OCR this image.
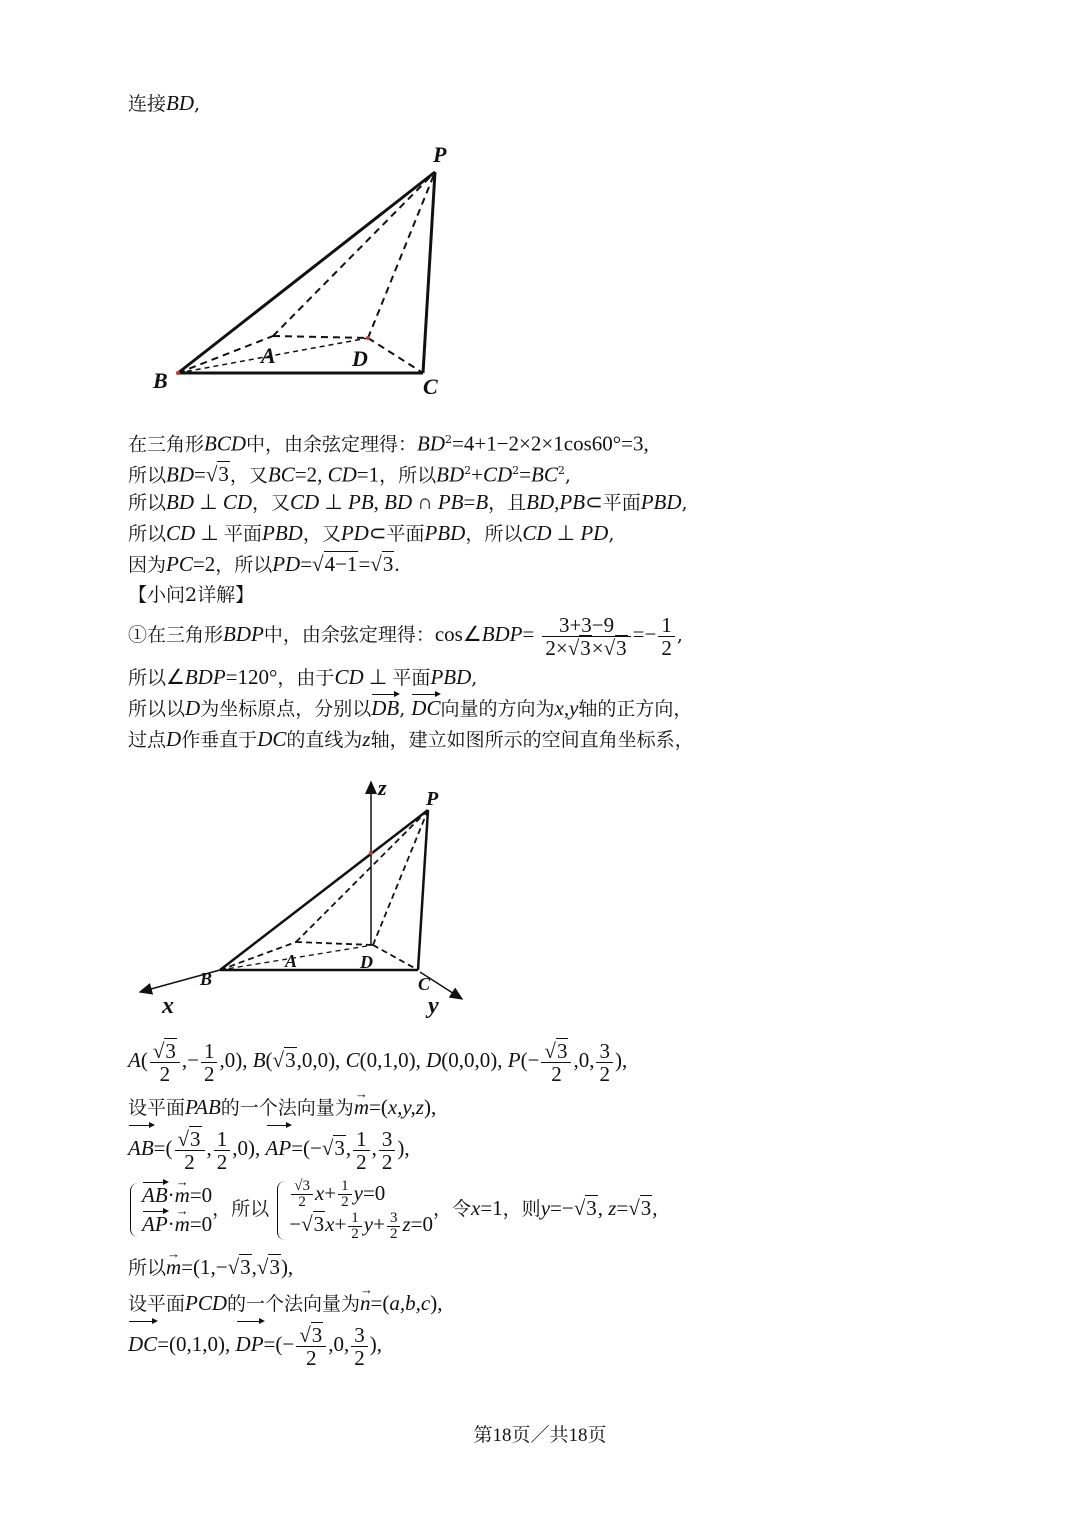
连接BD,
P
A	D
B	C
在三角形BCD中，由余弦定理得：$BD^2=4+1-2\times 2\times 1\cos 60^\circ=3$,
所以BD=√3，又BC=2, CD=1，所以$BD^2+CD^2=BC^2$,
所以BD ⊥ CD，又CD ⊥ PB, BD ∩ PB=B，且BD,PB⊂平面PBD,
所以CD ⊥ 平面PBD，又PD⊂平面PBD，所以CD ⊥ PD,
因为PC=2，所以PD=√4−1=√3.
【小问2详解】
①在三角形BDP中，由余弦定理得：cos∠BDP= $\frac{3+3-9}{2\times√3\times√3} =- \frac{1}{2}$ ,
所以∠BDP=120°，由于CD ⊥ 平面PBD,
所以以D为坐标原点，分别以DB, DC向量的方向为x,y轴的正方向，
过点D作垂直于DC的直线为z轴，建立如图所示的空间直角坐标系，
z P
A	D
B	C
x	y
$A( \frac{√3}{2}$ ,− $\frac{1}{2} ,0$), B(√3,0,0), C(0,1,0), D(0,0,0), $P(- \frac{√3}{2} ,0$, $\frac{3}{2}$ ),
设平面PAB的一个法向量为m →=(x,y,z),
$AB=( \frac{√3}{2}$ , $\frac{1}{2} ,0$), AP=(−√3, $\frac{1}{2}$ , $\frac{3}{2}$ ),
AB·m →=0
AP·m →=0
，所以 $\frac{√3}{2} x+ \frac{1}{2} y=0$
$-√3x+ \frac{1}{2} y+ \frac{3}{2} z=0$
，令x=1，则y=−√3, z=√3,
所以m →=(1,−√3,√3),
设平面PCD的一个法向量为n →=(a,b,c),
DC=(0,1,0), $DP=(- \frac{√3}{2} ,0$, $\frac{3}{2}$ ),
第18页／共18页
